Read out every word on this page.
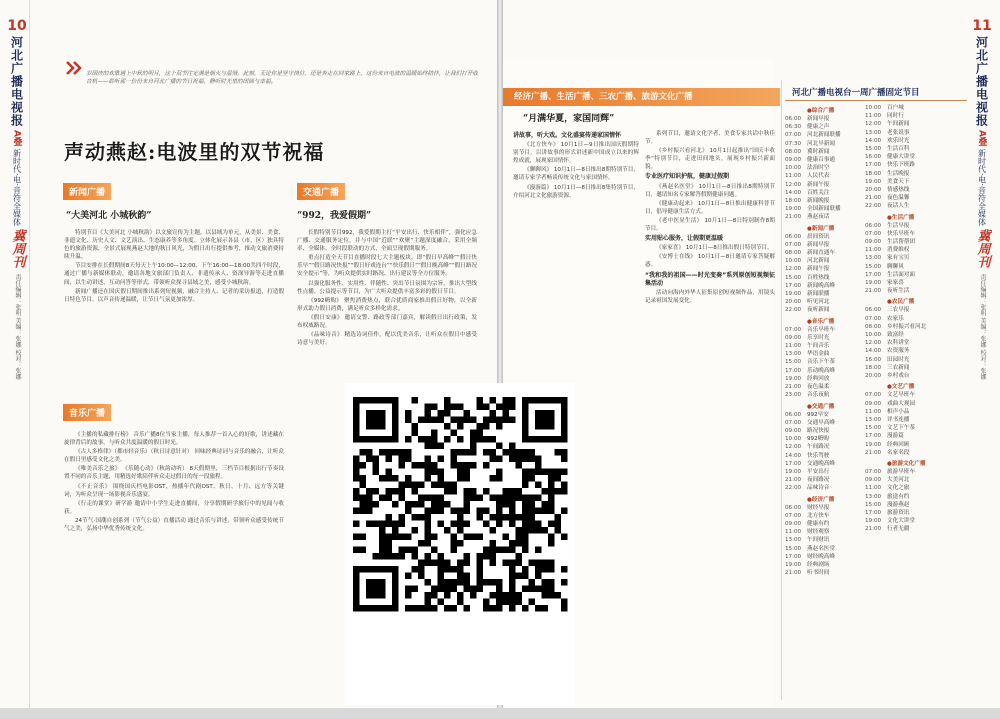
10
河北广播电视报
A叠
新时代·电·音符全媒体
冀周刊
责任编辑：张明 美编：张娜 校对：张娜
岁国庆的欢歌遇上中秋的明月，这个双节注定满是烟火与温情。此刻，无论你是坚守岗位，还是奔走在回家路上，这份来自电波的温暖始终陪伴，让我们打开收音机——聆听那一份份来自河北广播的节日祝福，静听时光里的团圆与幸福。
声动燕赵:电波里的双节祝福
新闻广播
“大美河北 小城秋韵”

特别节目《大美河北 小城秋韵》以文旅宣传为主题，以县域为单元，从美景、美食、非遗文化、历史人文、文艺演出、生态康养等多角度、立体化展示各县（市、区）独具特色的旅游资源，全景式展现燕赵大地的秋日风光，为假日出行提供参考，推动文旅消费持续升温。

节目安排在长假期间8天每天上午10:00—12:00、下午16:00—18:00共四个时段，通过广播与新媒体联动，邀请各地文旅部门负责人、非遗传承人、资深导游等走进直播间，以生动讲述、互动问答等形式，带领听众探寻县域之美，感受小城秋韵。

新闻广播还在国庆假日期间推出系列短视频，融合主持人、记者的采访报道，打造假日特色节目，以声音传递温暖，让节日气氛更加浓厚。

音乐广播

《主播的私藏排行榜》 音乐广播8位当家主播，每人推荐一首入心的好歌，讲述藏在旋律背后的故事，与听众共度温暖的假日时光。

《古人多格律》（都市轻音乐）（秋日诗意针对） 回味经典诗词与音乐的融合，让听众在假日里感受文化之美。

《唯美音乐之旅》 《乐随心动》（秋韵动听） 8天假期里，三档节目根据出行节奏设置不同的音乐主题，用精选好歌陪伴听众走过假日的每一段旅程。

《不止音乐》 围绕国庆档电影OST，热播年代剧OST、秋日、十月、远方等关键词，为听众呈现一场影视音乐盛宴。

《行走的课堂》研学游 邀请中小学生走进直播间，分享假期研学旅行中的见闻与收获。

24节气·国潮自创系列（节气公益）直播活动 通过音乐与讲述，带领听众感受传统节气之美，弘扬中华优秀传统文化。

交通广播
“992，我爱假期”

长假特别节目992，我爱假期主打“平安出行、快乐相伴”，强化应急广播、交通服务定位，并与中国“近联”“欢聚”主题深度融合，采用全频率、全媒体、全时段联动的方式，全面呈现假期服务。

重点打造全天节目直播时段七大主题板块，即“假日早高峰”“假日快乐早”“假日路况快报”“假日好戏连台”“快乐假日”“假日晚高峰”“假日路况安全提示”等，为听众提供实时路况、出行建议等全方位服务。

以强化服务性、实用性、伴随性、突出节日氛围为宗旨，推出大型线性点播、公益提示等节目，为广大听众提供丰富多彩的假日节目。

《992嗨购》 聚焦消费热点，联合优质商家推出假日好物，以全新形式助力假日消费，满足听众多样化需求。

《假日安康》 邀请交警、路政等部门嘉宾，解读假日出行政策，发布权威路况。

《品味诗音》 精选诗词佳作，配以优美音乐，让听众在假日中感受诗意与美好。

经济广播、生活广播、三农广播、旅游文化广播
“月满华夏，家国同辉”
讲故事，听大戏。文化盛宴传递家国情怀

《北方快车》 10月1日—9日推出国庆假期特别节目，以讲故事的形式讲述新中国成立以来的辉煌成就，展现家国情怀。

《聊聊风》 10月1日—8日推出8期特别节目，邀请专家学者畅谈传统文化与家国情怀。

《漫游篇》 10月1日—8日推出8集特别节目，介绍河北文化旅游资源。

系列节目，邀请文化学者、美食专家共话中秋佳节。

《乡村振兴看河北》 10月1日起推出“国庆丰收季”特别节目，走进田间地头，展现乡村振兴新面貌。

专业医疗知识护航，健康过假期

《燕赵名医堂》 10月1日—8日推出8期特别节目，邀请知名专家解答假期健康问题。

《健康动起来》 10月1日—8日推出健康科普节目，倡导健康生活方式。

《老中医显生活》 10月1日—8日特别制作8期节目。

实用贴心服务，让假期更温暖

《家家喜》 10月1日—8日推出假日特别节目。

《安博士在线》 10月1日—8日邀请专家答疑解惑。

“我和我的祖国——时光变奏”系列原创短视频征集活动

活动向海内外华人征集原创短视频作品，用镜头记录祖国发展变化。

河北广播电视台一周广播固定节目
●综合广播
06:00	新闻早报
06:30	健康之声
07:00	河北新闻联播
07:30	河北早新闻
08:00	冀时新闻
09:00	健康百事通
10:00	法治时空
11:00	人民代表
12:00	新闻午报
14:00	百姓关注
18:00	新闻晚报
19:00	全国新闻联播
21:00	燕赵夜话
●新闻广播
06:00	晨间资讯
07:00	新闻早报
08:00	新闻直通车
10:00	河北新闻
12:00	新闻午报
15:00	百姓热线
17:00	新闻晚高峰
19:00	新闻联播
20:00	听见河北
22:00	夜听新闻
●音乐广播
07:00	音乐早班车
09:00	乐享时光
11:00	午间音乐
13:00	华语金曲
15:00	音乐下午茶
17:00	乐动晚高峰
19:00	经典回放
21:00	夜色温柔
23:00	音乐夜航
●交通广播
06:00	992早安
07:00	交通早高峰
09:00	路况快报
10:00	992嗨购
12:00	午间路况
14:00	快乐驾驶
17:00	交通晚高峰
19:00	平安出行
21:00	夜间路况
22:00	品味诗音
●经济广播
06:00	财经早报
07:00	北方快车
09:00	健康有约
11:00	财经观察
13:00	午间财讯
15:00	燕赵名医堂
17:00	财经晚高峰
19:00	经典剧场
21:00	听书时间
10:00	百户城
11:00	同时行
12:00	午间新闻
13:00	老张说事
14:00	欢乐时光
15:00	生活百科
16:00	健康大讲堂
17:00	快乐下班路
18:00	生活晚报
19:00	美食天下
20:00	情感热线
21:00	夜色温馨
22:00	夜话人生
●生活广播
06:00	生活早报
07:00	快乐早班车
09:00	生活帮帮团
11:00	消费维权
13:00	家有宝贝
15:00	聊聊风
17:00	生活面对面
19:00	家家喜
21:00	夜听生活
●农民广播
06:00	三农早报
07:00	农家乐
08:00	乡村振兴看河北
10:00	致富经
12:00	农科讲堂
14:00	农资服务
16:00	田园时光
18:00	三农新闻
20:00	乡村戏台
●文艺广播
07:00	文艺早班车
09:00	戏曲大观园
11:00	相声小品
13:00	评书连播
15:00	文艺下午茶
17:00	漫游篇
19:00	经典回顾
21:00	名家名段
●旅游文化广播
07:00	旅游早班车
09:00	大美河北
11:00	文化之旅
13:00	旅途有约
15:00	漫游燕赵
17:00	旅游资讯
19:00	文化大讲堂
21:00	行者无疆
11
河北广播电视报
A叠
新时代·电·音符全媒体
冀周刊
责任编辑：张明 美编：张娜 校对：张娜
